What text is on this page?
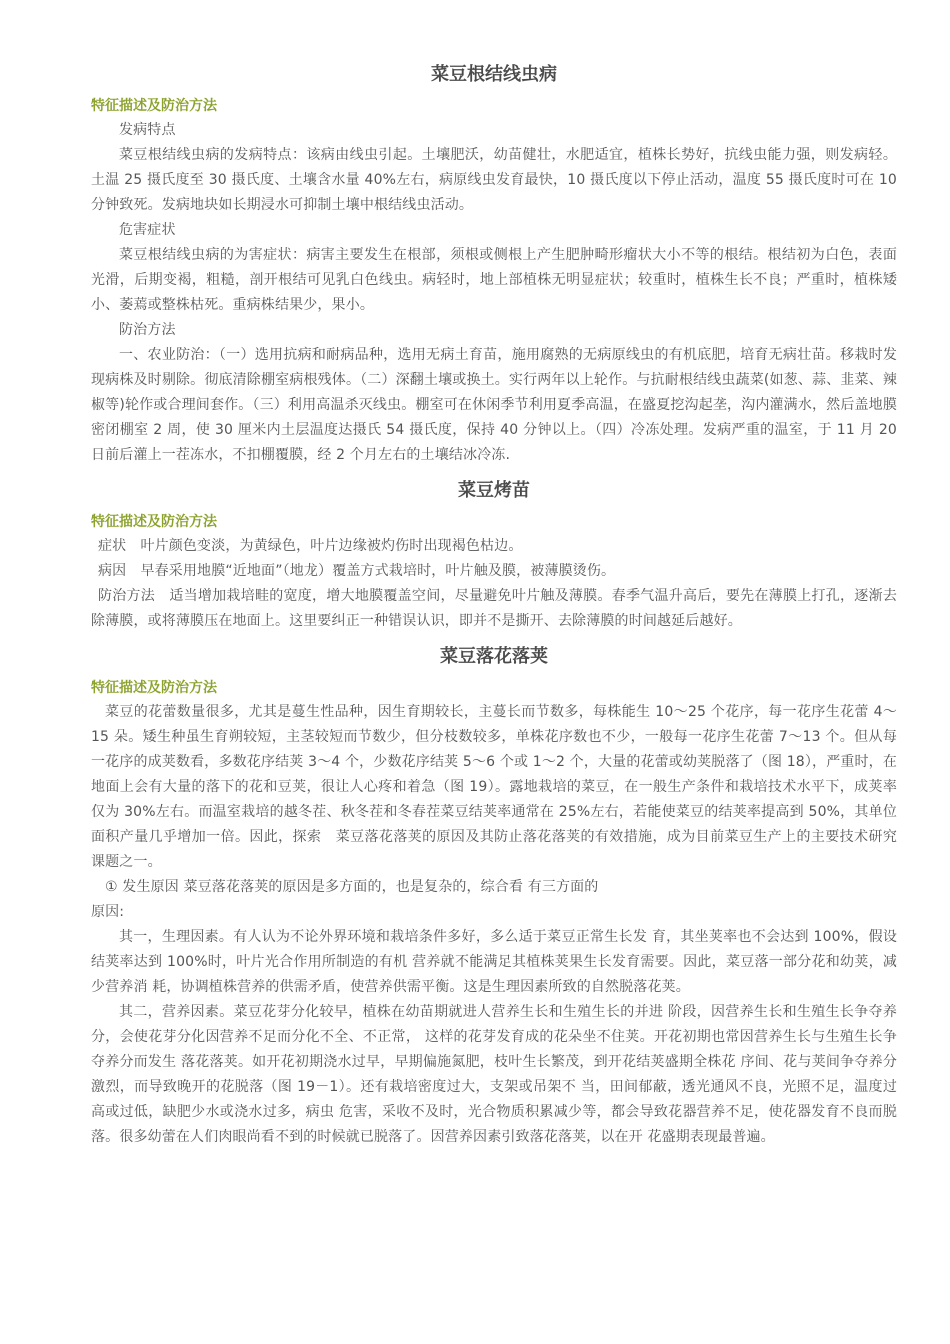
菜豆根结线虫病
特征描述及防治方法

发病特点

菜豆根结线虫病的发病特点：该病由线虫引起。土壤肥沃，幼苗健壮，水肥适宜，植株长势好，抗线虫能力强，则发病轻。土温 25 摄氏度至 30 摄氏度、土壤含水量 40%左右，病原线虫发育最快，10 摄氏度以下停止活动，温度 55 摄氏度时可在 10 分钟致死。发病地块如长期浸水可抑制土壤中根结线虫活动。

危害症状

菜豆根结线虫病的为害症状：病害主要发生在根部，须根或侧根上产生肥肿畸形瘤状大小不等的根结。根结初为白色，表面光滑，后期变褐，粗糙，剖开根结可见乳白色线虫。病轻时，地上部植株无明显症状；较重时，植株生长不良；严重时，植株矮小、萎蔫或整株枯死。重病株结果少，果小。

防治方法

一、农业防治：（一）选用抗病和耐病品种，选用无病土育苗，施用腐熟的无病原线虫的有机底肥，培育无病壮苗。移栽时发现病株及时剔除。彻底清除棚室病根残体。（二）深翻土壤或换土。实行两年以上轮作。与抗耐根结线虫蔬菜(如葱、蒜、韭菜、辣椒等)轮作或合理间套作。（三）利用高温杀灭线虫。棚室可在休闲季节利用夏季高温，在盛夏挖沟起垄，沟内灌满水，然后盖地膜密闭棚室 2 周，使 30 厘米内土层温度达摄氏 54 摄氏度，保持 40 分钟以上。（四）冷冻处理。发病严重的温室，于 11 月 20 日前后灌上一茬冻水，不扣棚覆膜，经 2 个月左右的土壤结冰冷冻.

菜豆烤苗
特征描述及防治方法

症状　叶片颜色变淡，为黄绿色，叶片边缘被灼伤时出现褐色枯边。

病因　早春采用地膜“近地面”（地龙）覆盖方式栽培时，叶片触及膜，被薄膜烫伤。

防治方法　适当增加栽培畦的宽度，增大地膜覆盖空间，尽量避免叶片触及薄膜。春季气温升高后，要先在薄膜上打孔，逐渐去除薄膜，或将薄膜压在地面上。这里要纠正一种错误认识，即并不是撕开、去除薄膜的时间越延后越好。

菜豆落花落荚
特征描述及防治方法

菜豆的花蕾数量很多，尤其是蔓生性品种，因生育期较长，主蔓长而节数多，每株能生 10～25 个花序，每一花序生花蕾 4～15 朵。矮生种虽生育朔较短，主茎较短而节数少，但分枝数较多，单株花序数也不少，一般每一花序生花蕾 7～13 个。但从每一花序的成荚数看，多数花序结荚 3～4 个，少数花序结荚 5～6 个或 1～2 个，大量的花蕾或幼荚脱落了（图 18），严重时，在地面上会有大量的落下的花和豆荚，很让人心疼和着急（图 19）。露地栽培的菜豆，在一般生产条件和栽培技术水平下，成荚率仅为 30%左右。而温室栽培的越冬茬、秋冬茬和冬春茬菜豆结荚率通常在 25%左右，若能使菜豆的结荚率提高到 50%，其单位面积产量几乎增加一倍。因此，探索　菜豆落花落荚的原因及其防止落花落荚的有效措施，成为目前菜豆生产上的主要技术研究课题之一。

① 发生原因 菜豆落花落荚的原因是多方面的，也是复杂的，综合看 有三方面的

原因:

其一，生理因素。有人认为不论外界环境和栽培条件多好，多么适于菜豆正常生长发 育，其坐荚率也不会达到 100%，假设结荚率达到 100%时，叶片光合作用所制造的有机 营养就不能满足其植株荚果生长发育需要。因此，菜豆落一部分花和幼荚，减少营养消 耗，协调植株营养的供需矛盾，使营养供需平衡。这是生理因素所致的自然脱落花荚。

其二，营养因素。菜豆花芽分化较早，植株在幼苗期就进人营养生长和生殖生长的并进 阶段，因营养生长和生殖生长争夺养分，会使花芽分化因营养不足而分化不全、不正常， 这样的花芽发育成的花朵坐不住荚。开花初期也常因营养生长与生殖生长争夺养分而发生 落花落荚。如开花初期浇水过早，早期偏施氮肥，枝叶生长繁茂，到开花结荚盛期全株花 序间、花与荚间争夺养分激烈，而导致晚开的花脱落（图 19－1）。还有栽培密度过大，支架或吊架不 当，田间郁蔽，透光通风不良，光照不足，温度过高或过低，缺肥少水或浇水过多，病虫 危害，采收不及时，光合物质积累减少等，都会导致花器营养不足，使花器发育不良而脱 落。很多幼蕾在人们肉眼尚看不到的时候就已脱落了。因营养因素引致落花落荚，以在开 花盛期表现最普遍。
